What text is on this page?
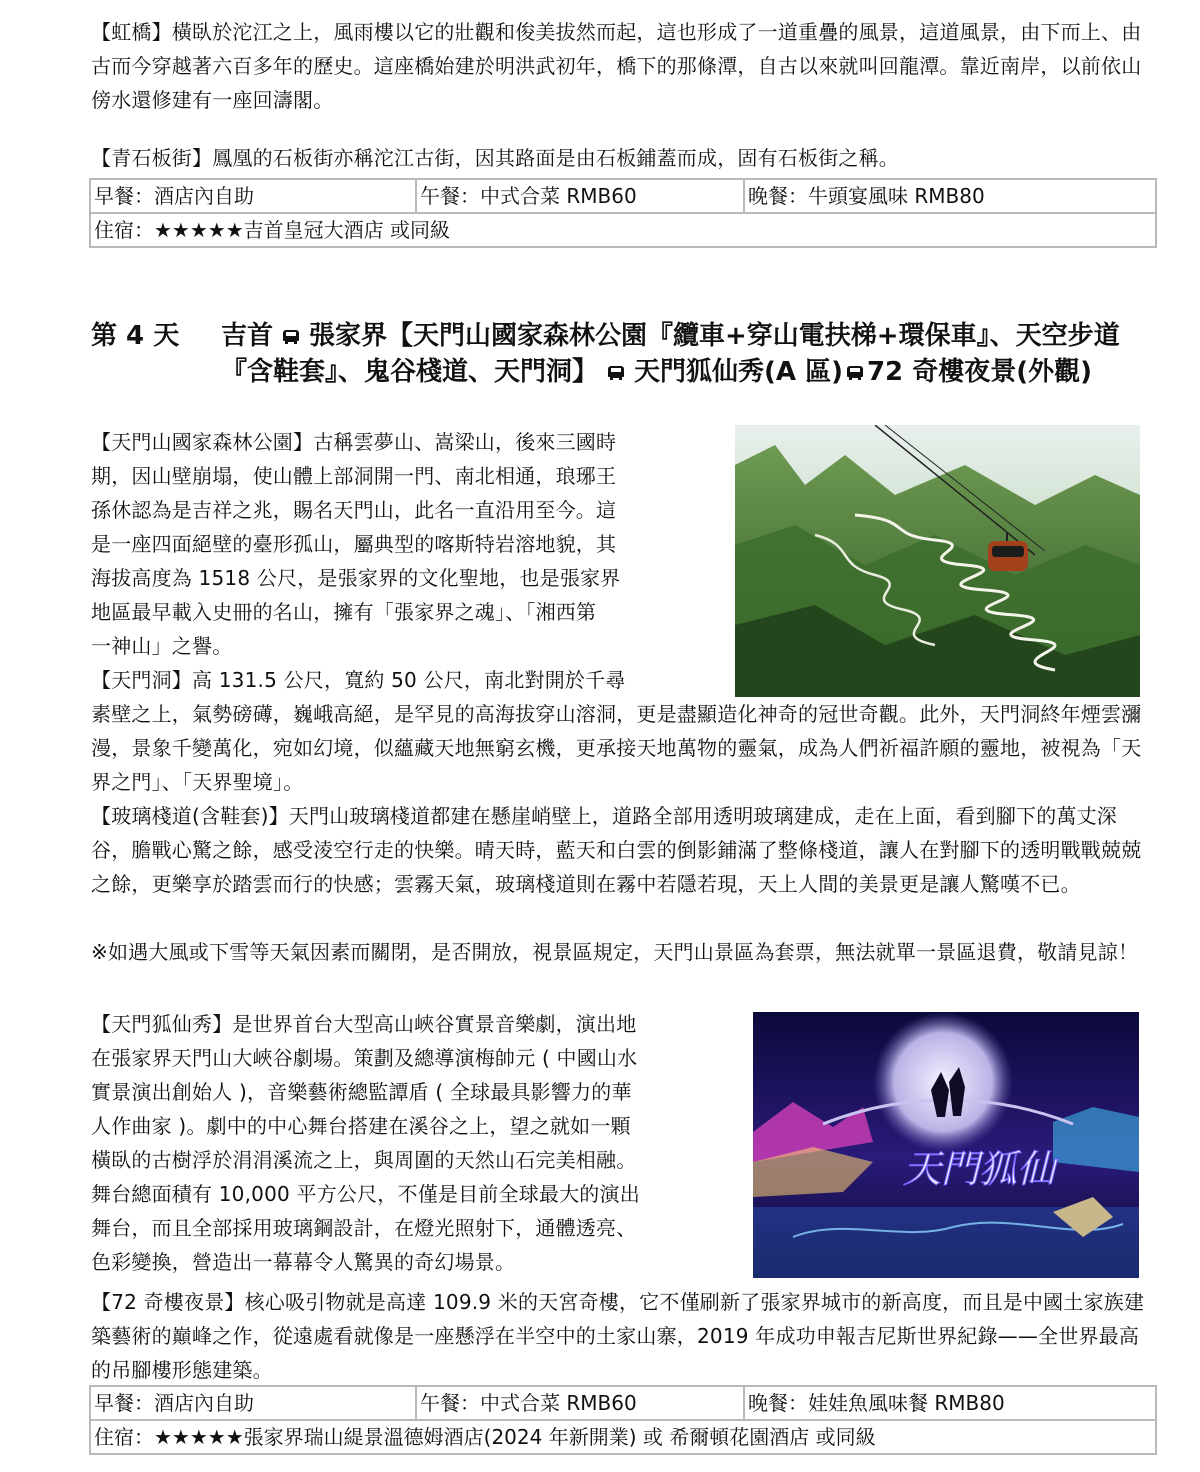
【虹橋】橫臥於沱江之上，風雨樓以它的壯觀和俊美拔然而起，這也形成了一道重疊的風景，這道風景，由下而上、由古而今穿越著六百多年的歷史。這座橋始建於明洪武初年，橋下的那條潭，自古以來就叫回龍潭。靠近南岸，以前依山傍水還修建有一座回濤閣。

【青石板街】鳳凰的石板街亦稱沱江古街，因其路面是由石板鋪蓋而成，固有石板街之稱。

早餐：酒店內自助	午餐：中式合菜 RMB60	晚餐：牛頭宴風味 RMB80
住宿：★★★★★吉首皇冠大酒店 或同級
第 4 天 吉首 張家界【天門山國家森林公園『纜車+穿山電扶梯+環保車』、天空步道『含鞋套』、鬼谷棧道、天門洞】 天門狐仙秀(A 區) 72 奇樓夜景(外觀)

【天門山國家森林公園】古稱雲夢山、嵩梁山，後來三國時
期，因山壁崩塌，使山體上部洞開一門、南北相通，琅琊王
孫休認為是吉祥之兆，賜名天門山，此名一直沿用至今。這
是一座四面絕壁的臺形孤山，屬典型的喀斯特岩溶地貌，其
海拔高度為 1518 公尺，是張家界的文化聖地，也是張家界
地區最早載入史冊的名山，擁有「張家界之魂」、「湘西第
一神山」之譽。
【天門洞】高 131.5 公尺，寬約 50 公尺，南北對開於千尋

素壁之上，氣勢磅礡，巍峨高絕，是罕見的高海拔穿山溶洞，更是盡顯造化神奇的冠世奇觀。此外，天門洞終年煙雲瀰漫，景象千變萬化，宛如幻境，似蘊藏天地無窮玄機，更承接天地萬物的靈氣，成為人們祈福許願的靈地，被視為「天界之門」、「天界聖境」。

【玻璃棧道(含鞋套)】天門山玻璃棧道都建在懸崖峭壁上，道路全部用透明玻璃建成，走在上面，看到腳下的萬丈深谷，膽戰心驚之餘，感受淩空行走的快樂。晴天時，藍天和白雲的倒影鋪滿了整條棧道，讓人在對腳下的透明戰戰兢兢之餘，更樂享於踏雲而行的快感；雲霧天氣，玻璃棧道則在霧中若隱若現，天上人間的美景更是讓人驚嘆不已。

※如遇大風或下雪等天氣因素而關閉，是否開放，視景區規定，天門山景區為套票，無法就單一景區退費，敬請見諒！

【天門狐仙秀】是世界首台大型高山峽谷實景音樂劇，演出地
在張家界天門山大峽谷劇場。策劃及總導演梅帥元 ( 中國山水
實景演出創始人 )，音樂藝術總監譚盾 ( 全球最具影響力的華
人作曲家 )。劇中的中心舞台搭建在溪谷之上，望之就如一顆
橫臥的古樹浮於涓涓溪流之上，與周圍的天然山石完美相融。
舞台總面積有 10,000 平方公尺，不僅是目前全球最大的演出
舞台，而且全部採用玻璃鋼設計，在燈光照射下，通體透亮、
色彩變換，營造出一幕幕令人驚異的奇幻場景。
天門狐仙

【72 奇樓夜景】核心吸引物就是高達 109.9 米的天宮奇樓，它不僅刷新了張家界城市的新高度，而且是中國土家族建築藝術的巔峰之作，從遠處看就像是一座懸浮在半空中的土家山寨，2019 年成功申報吉尼斯世界紀錄——全世界最高的吊腳樓形態建築。

早餐：酒店內自助	午餐：中式合菜 RMB60	晚餐：娃娃魚風味餐 RMB80
住宿：★★★★★張家界瑞山緹景溫德姆酒店(2024 年新開業) 或 希爾頓花園酒店 或同級
